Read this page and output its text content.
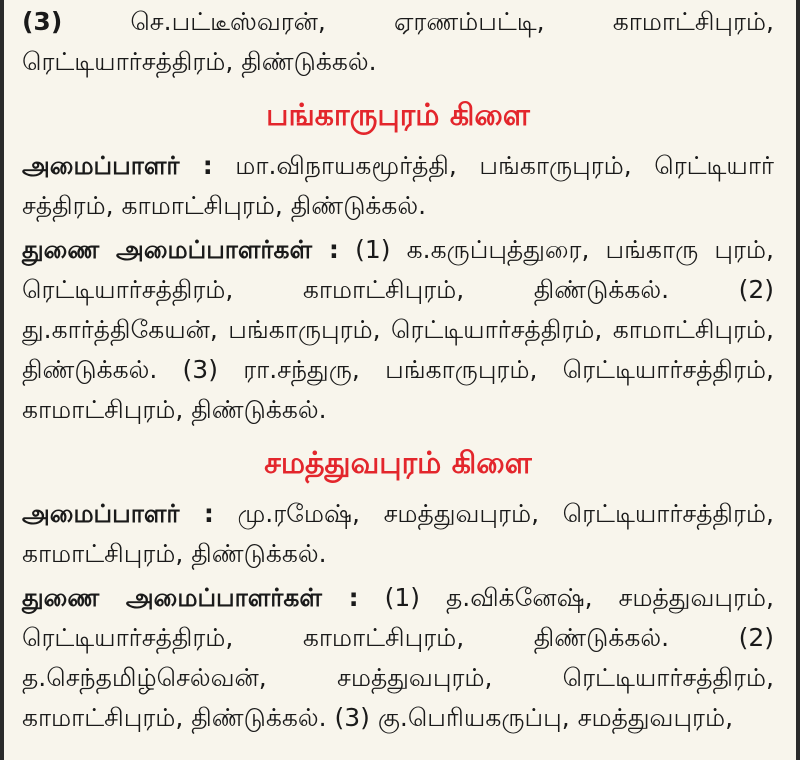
(3)	செ.பட்டீஸ்வரன், ஏரணம்பட்டி, காமாட்சிபுரம், ரெட்டியார்சத்திரம், திண்டுக்கல்.

பங்காருபுரம் கிளை

அமைப்பாளர் : மா.விநாயகமூர்த்தி, பங்காருபுரம், ரெட்டியார் சத்திரம், காமாட்சிபுரம், திண்டுக்கல்.

துணை அமைப்பாளர்கள் : (1) க.கருப்புத்துரை, பங்காரு புரம், ரெட்டியார்சத்திரம், காமாட்சிபுரம், திண்டுக்கல். (2) து.கார்த்திகேயன், பங்காருபுரம், ரெட்டியார்சத்திரம், காமாட்சிபுரம், திண்டுக்கல். (3) ரா.சந்துரு, பங்காருபுரம், ரெட்டியார்சத்திரம், காமாட்சிபுரம், திண்டுக்கல்.

சமத்துவபுரம் கிளை

அமைப்பாளர் : மு.ரமேஷ், சமத்துவபுரம், ரெட்டியார்சத்திரம், காமாட்சிபுரம், திண்டுக்கல்.

துணை அமைப்பாளர்கள் : (1) த.விக்னேஷ், சமத்துவபுரம், ரெட்டியார்சத்திரம், காமாட்சிபுரம், திண்டுக்கல். (2) த.செந்தமிழ்செல்வன், சமத்துவபுரம், ரெட்டியார்சத்திரம், காமாட்சிபுரம், திண்டுக்கல். (3) கு.பெரியகருப்பு, சமத்துவபுரம்,
